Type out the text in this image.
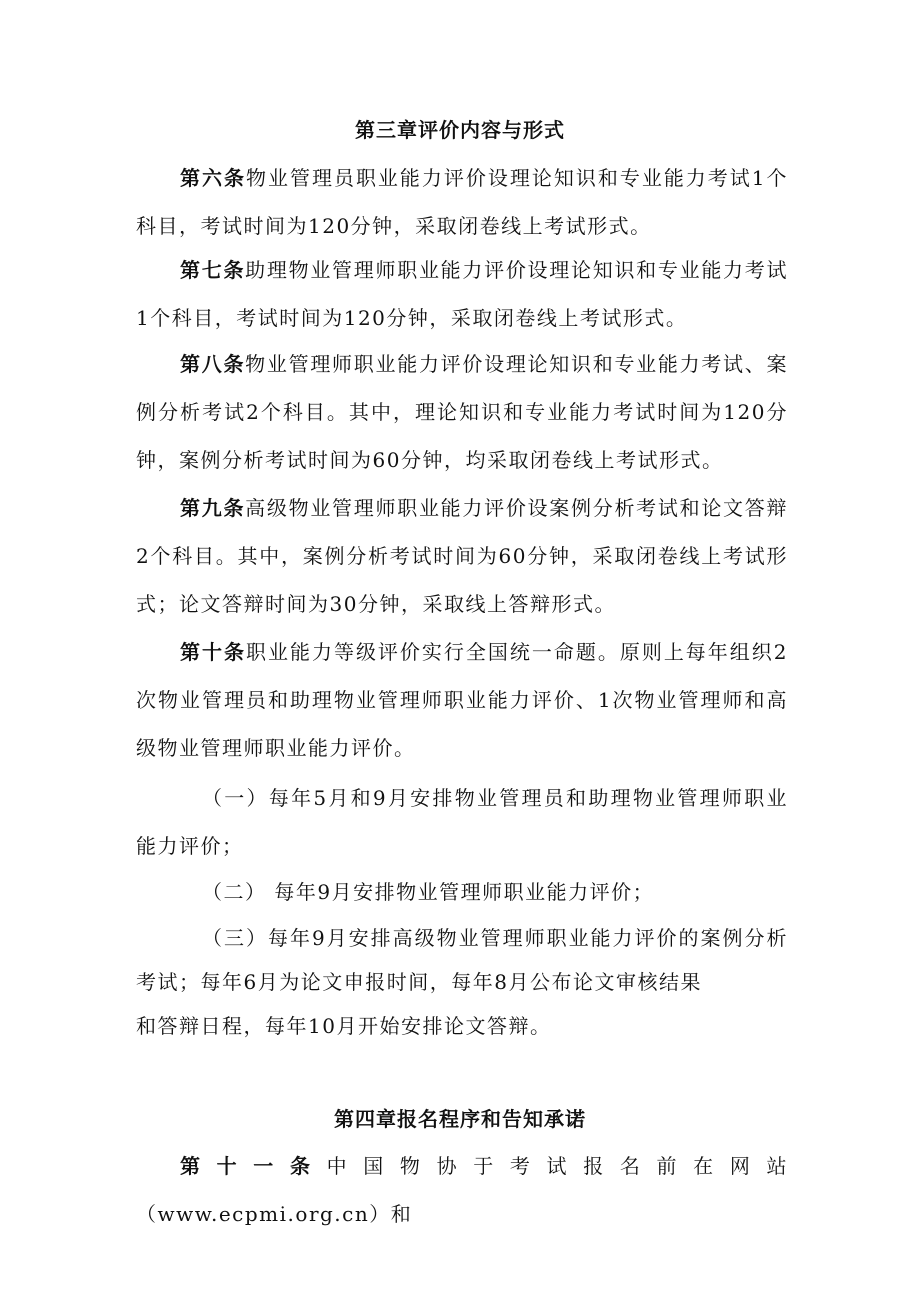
第三章评价内容与形式

第六条物业管理员职业能力评价设理论知识和专业能力考试1个科目，考试时间为120分钟，采取闭卷线上考试形式。

第七条助理物业管理师职业能力评价设理论知识和专业能力考试1个科目，考试时间为120分钟，采取闭卷线上考试形式。

第八条物业管理师职业能力评价设理论知识和专业能力考试、案例分析考试2个科目。其中，理论知识和专业能力考试时间为120分钟，案例分析考试时间为60分钟，均采取闭卷线上考试形式。

第九条高级物业管理师职业能力评价设案例分析考试和论文答辩2个科目。其中，案例分析考试时间为60分钟，采取闭卷线上考试形式；论文答辩时间为30分钟，采取线上答辩形式。

第十条职业能力等级评价实行全国统一命题。原则上每年组织2次物业管理员和助理物业管理师职业能力评价、1次物业管理师和高级物业管理师职业能力评价。

（一）每年5月和9月安排物业管理员和助理物业管理师职业能力评价；

（二） 每年9月安排物业管理师职业能力评价；

（三）每年9月安排高级物业管理师职业能力评价的案例分析考试；每年6月为论文申报时间，每年8月公布论文审核结果
和答辩日程，每年10月开始安排论文答辩。

第四章报名程序和告知承诺

第十一条中国物协于考试报名前在网站（www.ecpmi.org.cn）和
